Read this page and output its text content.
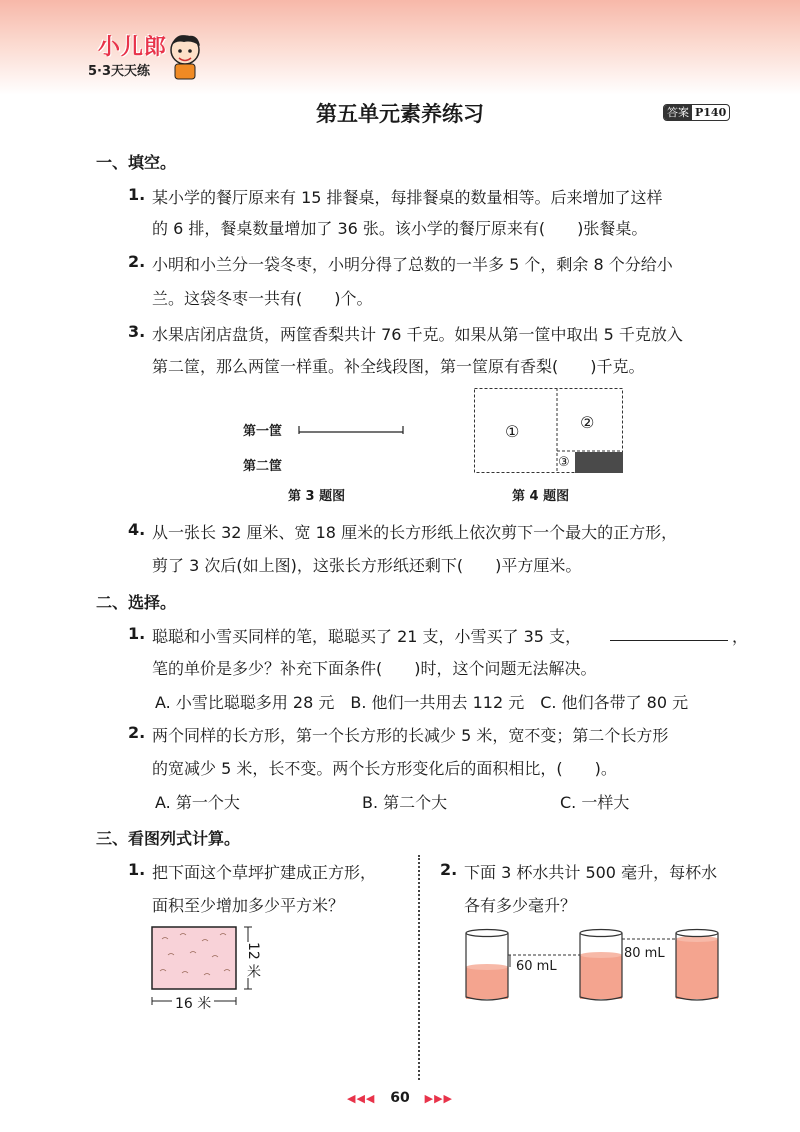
小儿郎
5·3天天练
第五单元素养练习	答案 P140
一、填空。
1. 某小学的餐厅原来有 15 排餐桌，每排餐桌的数量相等。后来增加了这样
的 6 排，餐桌数量增加了 36 张。该小学的餐厅原来有(　　)张餐桌。
2. 小明和小兰分一袋冬枣，小明分得了总数的一半多 5 个，剩余 8 个分给小
兰。这袋冬枣一共有(　　)个。
3. 水果店闭店盘货，两筐香梨共计 76 千克。如果从第一筐中取出 5 千克放入
第二筐，那么两筐一样重。补全线段图，第一筐原有香梨(　　)千克。
第一筐
第二筐
第 3 题图
①	②
③
第 4 题图
4. 从一张长 32 厘米、宽 18 厘米的长方形纸上依次剪下一个最大的正方形，
剪了 3 次后(如上图)，这张长方形纸还剩下(　　)平方厘米。
二、选择。
1. 聪聪和小雪买同样的笔，聪聪买了 21 支，小雪买了 35 支，	，
笔的单价是多少？补充下面条件(　　)时，这个问题无法解决。
A. 小雪比聪聪多用 28 元　B. 他们一共用去 112 元　C. 他们各带了 80 元
2. 两个同样的长方形，第一个长方形的长减少 5 米，宽不变；第二个长方形
的宽减少 5 米，长不变。两个长方形变化后的面积相比，(　　)。
A. 第一个大	B. 第二个大	C. 一样大
三、看图列式计算。
1. 把下面这个草坪扩建成正方形，
面积至少增加多少平方米？
12 米
16 米
2. 下面 3 杯水共计 500 毫升，每杯水
各有多少毫升？
60 mL
80 mL
◀◀◀ 60 ▶▶▶
